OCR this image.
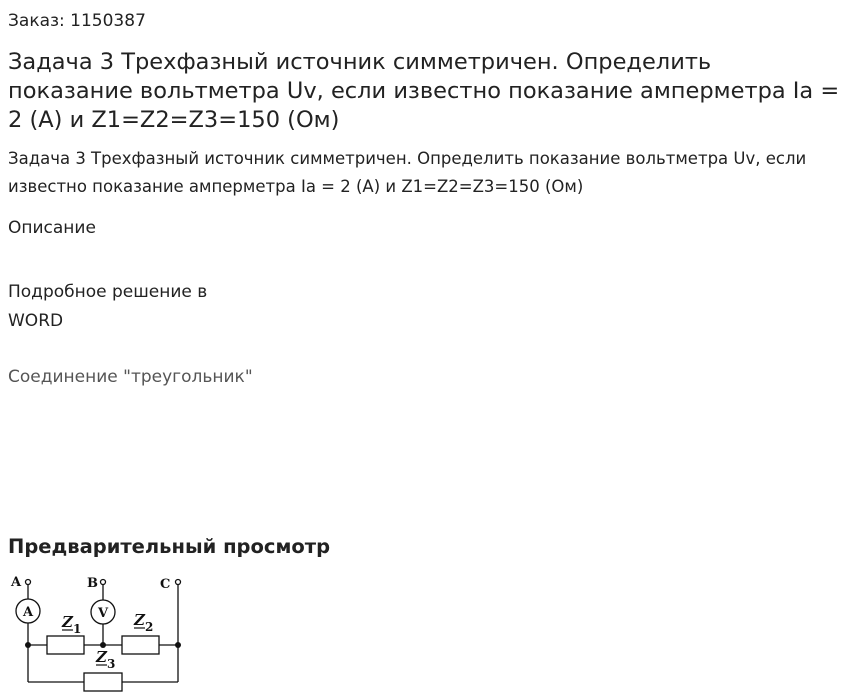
Заказ: 1150387
Задача 3 Трехфазный источник симметричен. Определить показание вольтметра Uv, если известно показание амперметра Ia = 2 (А) и Z1=Z2=Z3=150 (Ом)
Задача 3 Трехфазный источник симметричен. Определить показание вольтметра Uv, если известно показание амперметра Ia = 2 (А) и Z1=Z2=Z3=150 (Ом)
Описание
Подробное решение в
WORD
Соединение "треугольник"
Предварительный просмотр
A	B	C
A	V
Z 1	Z 2
Z 3
